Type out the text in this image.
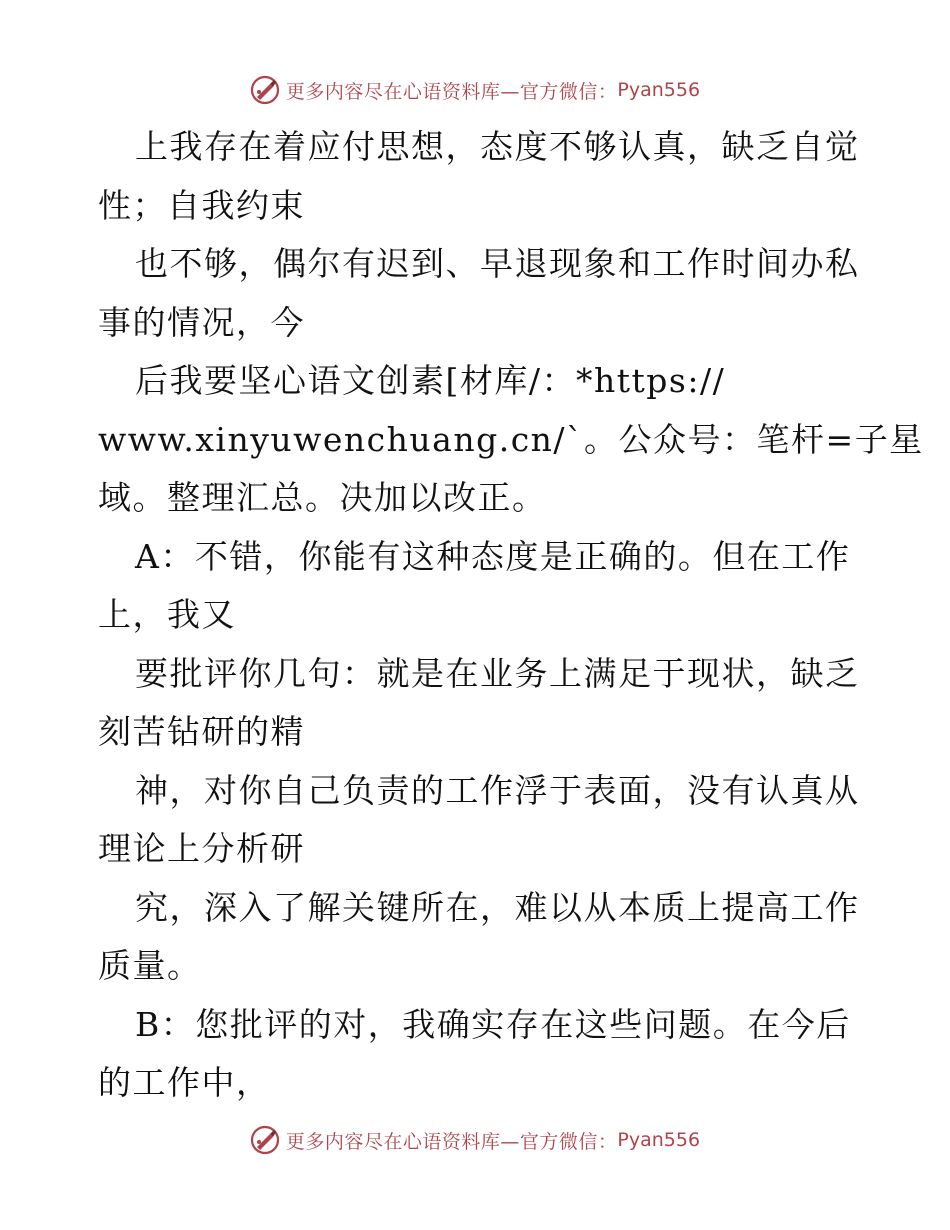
更多内容尽在心语资料库—官方微信： Pyan556

上我存在着应付思想，态度不够认真，缺乏自觉

性；自我约束

也不够，偶尔有迟到、早退现象和工作时间办私

事的情况，今

后我要坚心语文创素[材库/：*https://

www.xinyuwenchuang.cn/`。公众号：笔杆=子星

域。整理汇总。决加以改正。

A：不错，你能有这种态度是正确的。但在工作

上，我又

要批评你几句：就是在业务上满足于现状，缺乏

刻苦钻研的精

神，对你自己负责的工作浮于表面，没有认真从

理论上分析研

究，深入了解关键所在，难以从本质上提高工作

质量。

B：您批评的对，我确实存在这些问题。在今后

的工作中，

更多内容尽在心语资料库—官方微信： Pyan556
